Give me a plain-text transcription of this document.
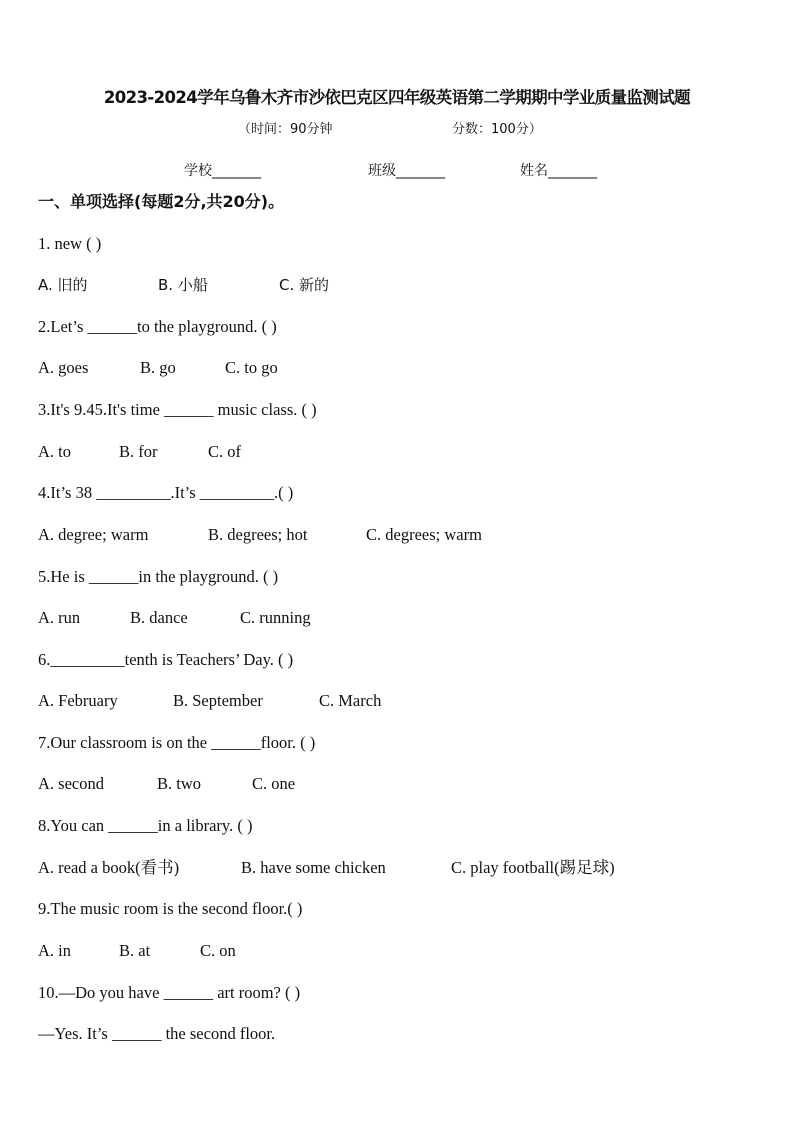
2023-2024学年乌鲁木齐市沙依巴克区四年级英语第二学期期中学业质量监测试题
（时间：90分钟	分数：100分）
学校_______	班级_______	姓名_______
一、单项选择(每题2分,共20分)。
1. new ( )
A. 旧的	B. 小船	C. 新的
2.Let’s ______to the playground. ( )
A. goes	B. go	C. to go
3.It's 9.45.It's time ______ music class. ( )
A. to	B. for	C. of
4.It’s 38 _________.It’s _________.( )
A. degree; warm	B. degrees; hot	C. degrees; warm
5.He is ______in the playground. ( )
A. run	B. dance	C. running
6._________tenth is Teachers’ Day. ( )
A. February	B. September	C. March
7.Our classroom is on the ______floor. ( )
A. second	B. two	C. one
8.You can ______in a library. ( )
A. read a book(看书)	B. have some chicken	C. play football(踢足球)
9.The music room is the second floor.( )
A. in	B. at	C. on
10.—Do you have ______ art room? ( )
—Yes. It’s ______ the second floor.
